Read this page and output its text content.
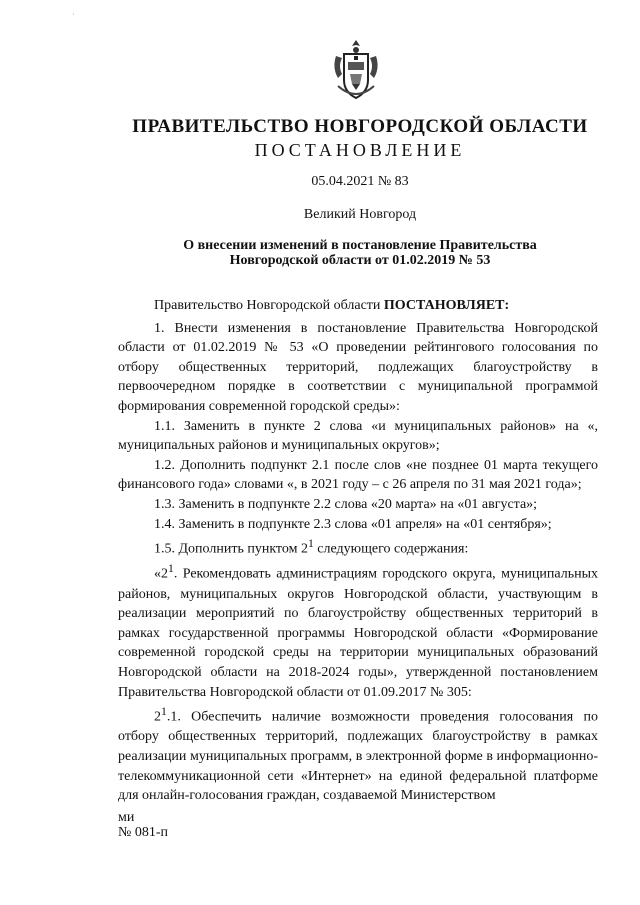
·
ПРАВИТЕЛЬСТВО НОВГОРОДСКОЙ ОБЛАСТИ
ПОСТАНОВЛЕНИЕ
05.04.2021 № 83
Великий Новгород
О внесении изменений в постановление Правительства
Новгородской области от 01.02.2019 № 53

Правительство Новгородской области ПОСТАНОВЛЯЕТ:

1. Внести изменения в постановление Правительства Новгородской области от 01.02.2019 № 53 «О проведении рейтингового голосования по отбору общественных территорий, подлежащих благоустройству в первоочередном порядке в соответствии с муниципальной программой формирования современной городской среды»:

1.1. Заменить в пункте 2 слова «и муниципальных районов» на «, муниципальных районов и муниципальных округов»;

1.2. Дополнить подпункт 2.1 после слов «не позднее 01 марта текущего финансового года» словами «, в 2021 году – с 26 апреля по 31 мая 2021 года»;

1.3. Заменить в подпункте 2.2 слова «20 марта» на «01 августа»;

1.4. Заменить в подпункте 2.3 слова «01 апреля» на «01 сентября»;

1.5. Дополнить пунктом $2^1$ следующего содержания:

«$2^1$. Рекомендовать администрациям городского округа, муниципальных районов, муниципальных округов Новгородской области, участвующим в реализации мероприятий по благоустройству общественных территорий в рамках государственной программы Новгородской области «Формирование современной городской среды на территории муниципальных образований Новгородской области на 2018-2024 годы», утвержденной постановлением Правительства Новгородской области от 01.09.2017 № 305:

$2^1.1$. Обеспечить наличие возможности проведения голосования по отбору общественных территорий, подлежащих благоустройству в рамках реализации муниципальных программ, в электронной форме в информационно-телекоммуникационной сети «Интернет» на единой федеральной платформе для онлайн-голосования граждан, создаваемой Министерством

ми
№ 081-п
